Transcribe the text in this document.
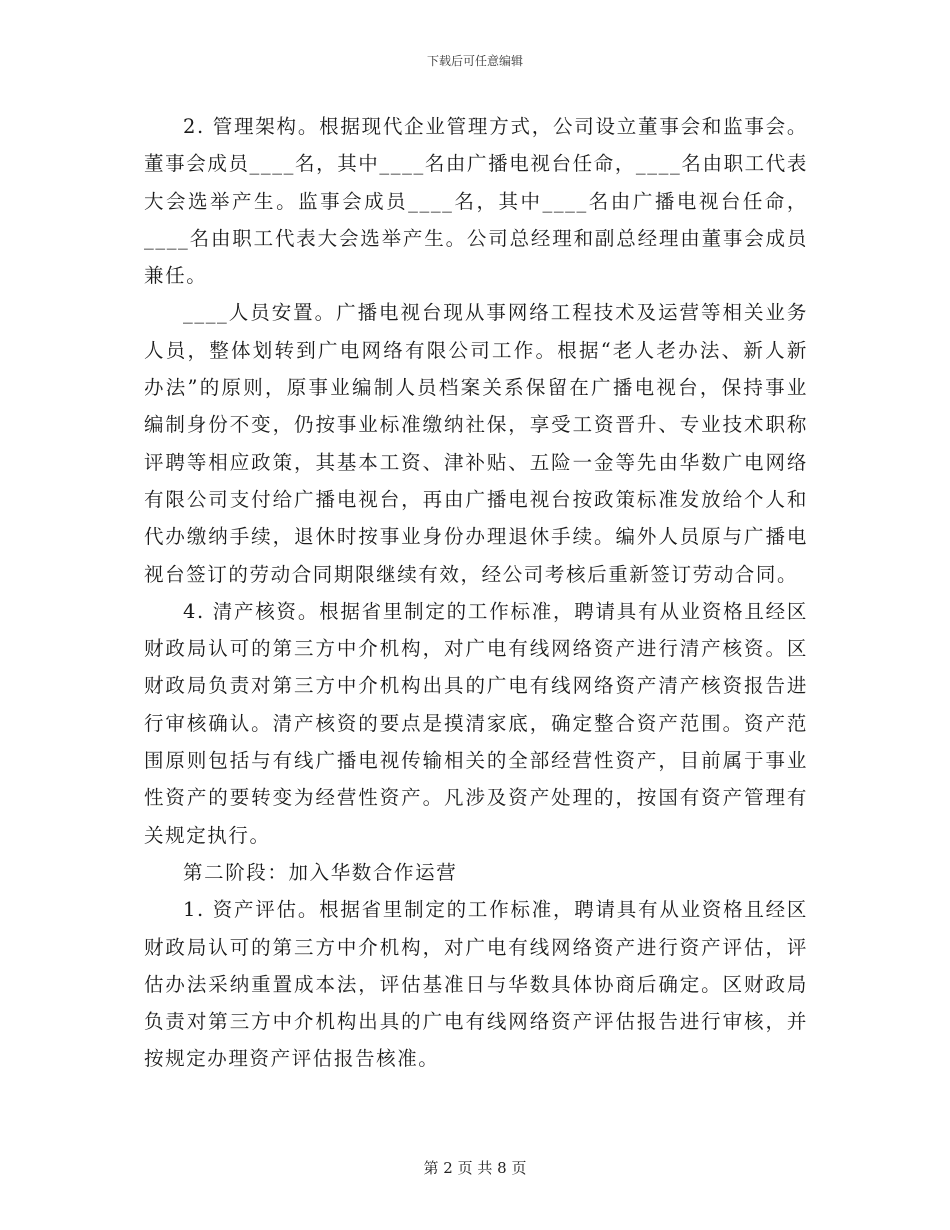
下载后可任意编辑

2. 管理架构。根据现代企业管理方式，公司设立董事会和监事会。董事会成员____名，其中____名由广播电视台任命，____名由职工代表大会选举产生。监事会成员____名，其中____名由广播电视台任命，____名由职工代表大会选举产生。公司总经理和副总经理由董事会成员兼任。

____人员安置。广播电视台现从事网络工程技术及运营等相关业务人员，整体划转到广电网络有限公司工作。根据“老人老办法、新人新办法”的原则，原事业编制人员档案关系保留在广播电视台，保持事业编制身份不变，仍按事业标准缴纳社保，享受工资晋升、专业技术职称评聘等相应政策，其基本工资、津补贴、五险一金等先由华数广电网络有限公司支付给广播电视台，再由广播电视台按政策标准发放给个人和代办缴纳手续，退休时按事业身份办理退休手续。编外人员原与广播电视台签订的劳动合同期限继续有效，经公司考核后重新签订劳动合同。

4. 清产核资。根据省里制定的工作标准，聘请具有从业资格且经区财政局认可的第三方中介机构，对广电有线网络资产进行清产核资。区财政局负责对第三方中介机构出具的广电有线网络资产清产核资报告进行审核确认。清产核资的要点是摸清家底，确定整合资产范围。资产范围原则包括与有线广播电视传输相关的全部经营性资产，目前属于事业性资产的要转变为经营性资产。凡涉及资产处理的，按国有资产管理有关规定执行。

第二阶段：加入华数合作运营

1. 资产评估。根据省里制定的工作标准，聘请具有从业资格且经区财政局认可的第三方中介机构，对广电有线网络资产进行资产评估，评估办法采纳重置成本法，评估基准日与华数具体协商后确定。区财政局负责对第三方中介机构出具的广电有线网络资产评估报告进行审核，并按规定办理资产评估报告核准。

第 2 页 共 8 页
